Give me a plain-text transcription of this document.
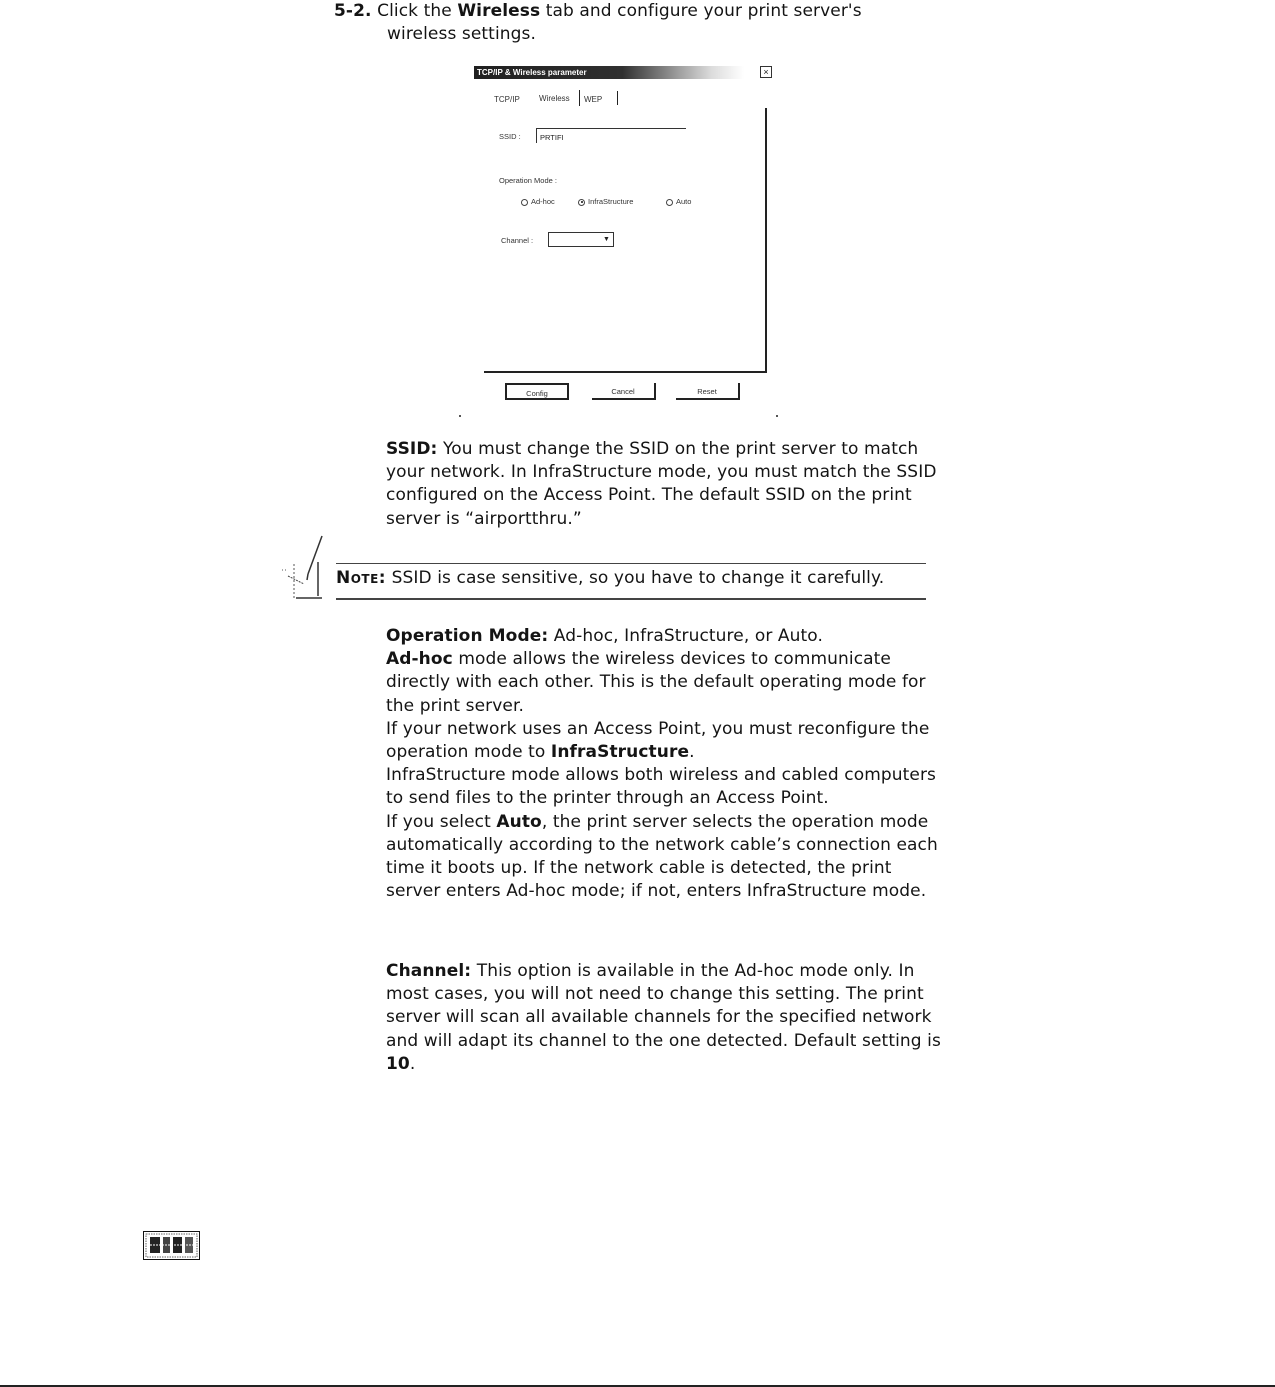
5-2. Click the Wireless tab and configure your print server's
wireless settings.
TCP/IP & Wireless parameter	×
TCP/IP Wireless WEP
SSID :
PRTIFI
Operation Mode :
Ad-hoc	InfraStructure	Auto
Channel :	▼
Config	Cancel	Reset
SSID: You must change the SSID on the print server to match your network. In InfraStructure mode, you must match the SSID configured on the Access Point. The default SSID on the print server is “airportthru.”
Note: SSID is case sensitive, so you have to change it carefully.
Operation Mode: Ad-hoc, InfraStructure, or Auto.
Ad-hoc mode allows the wireless devices to communicate directly with each other. This is the default operating mode for the print server.
If your network uses an Access Point, you must reconfigure the operation mode to InfraStructure.
InfraStructure mode allows both wireless and cabled computers to send files to the printer through an Access Point.
If you select Auto, the print server selects the operation mode automatically according to the network cable’s connection each time it boots up. If the network cable is detected, the print server enters Ad-hoc mode; if not, enters InfraStructure mode.
Channel: This option is available in the Ad-hoc mode only. In most cases, you will not need to change this setting. The print server will scan all available channels for the specified network and will adapt its channel to the one detected. Default setting is 10.
